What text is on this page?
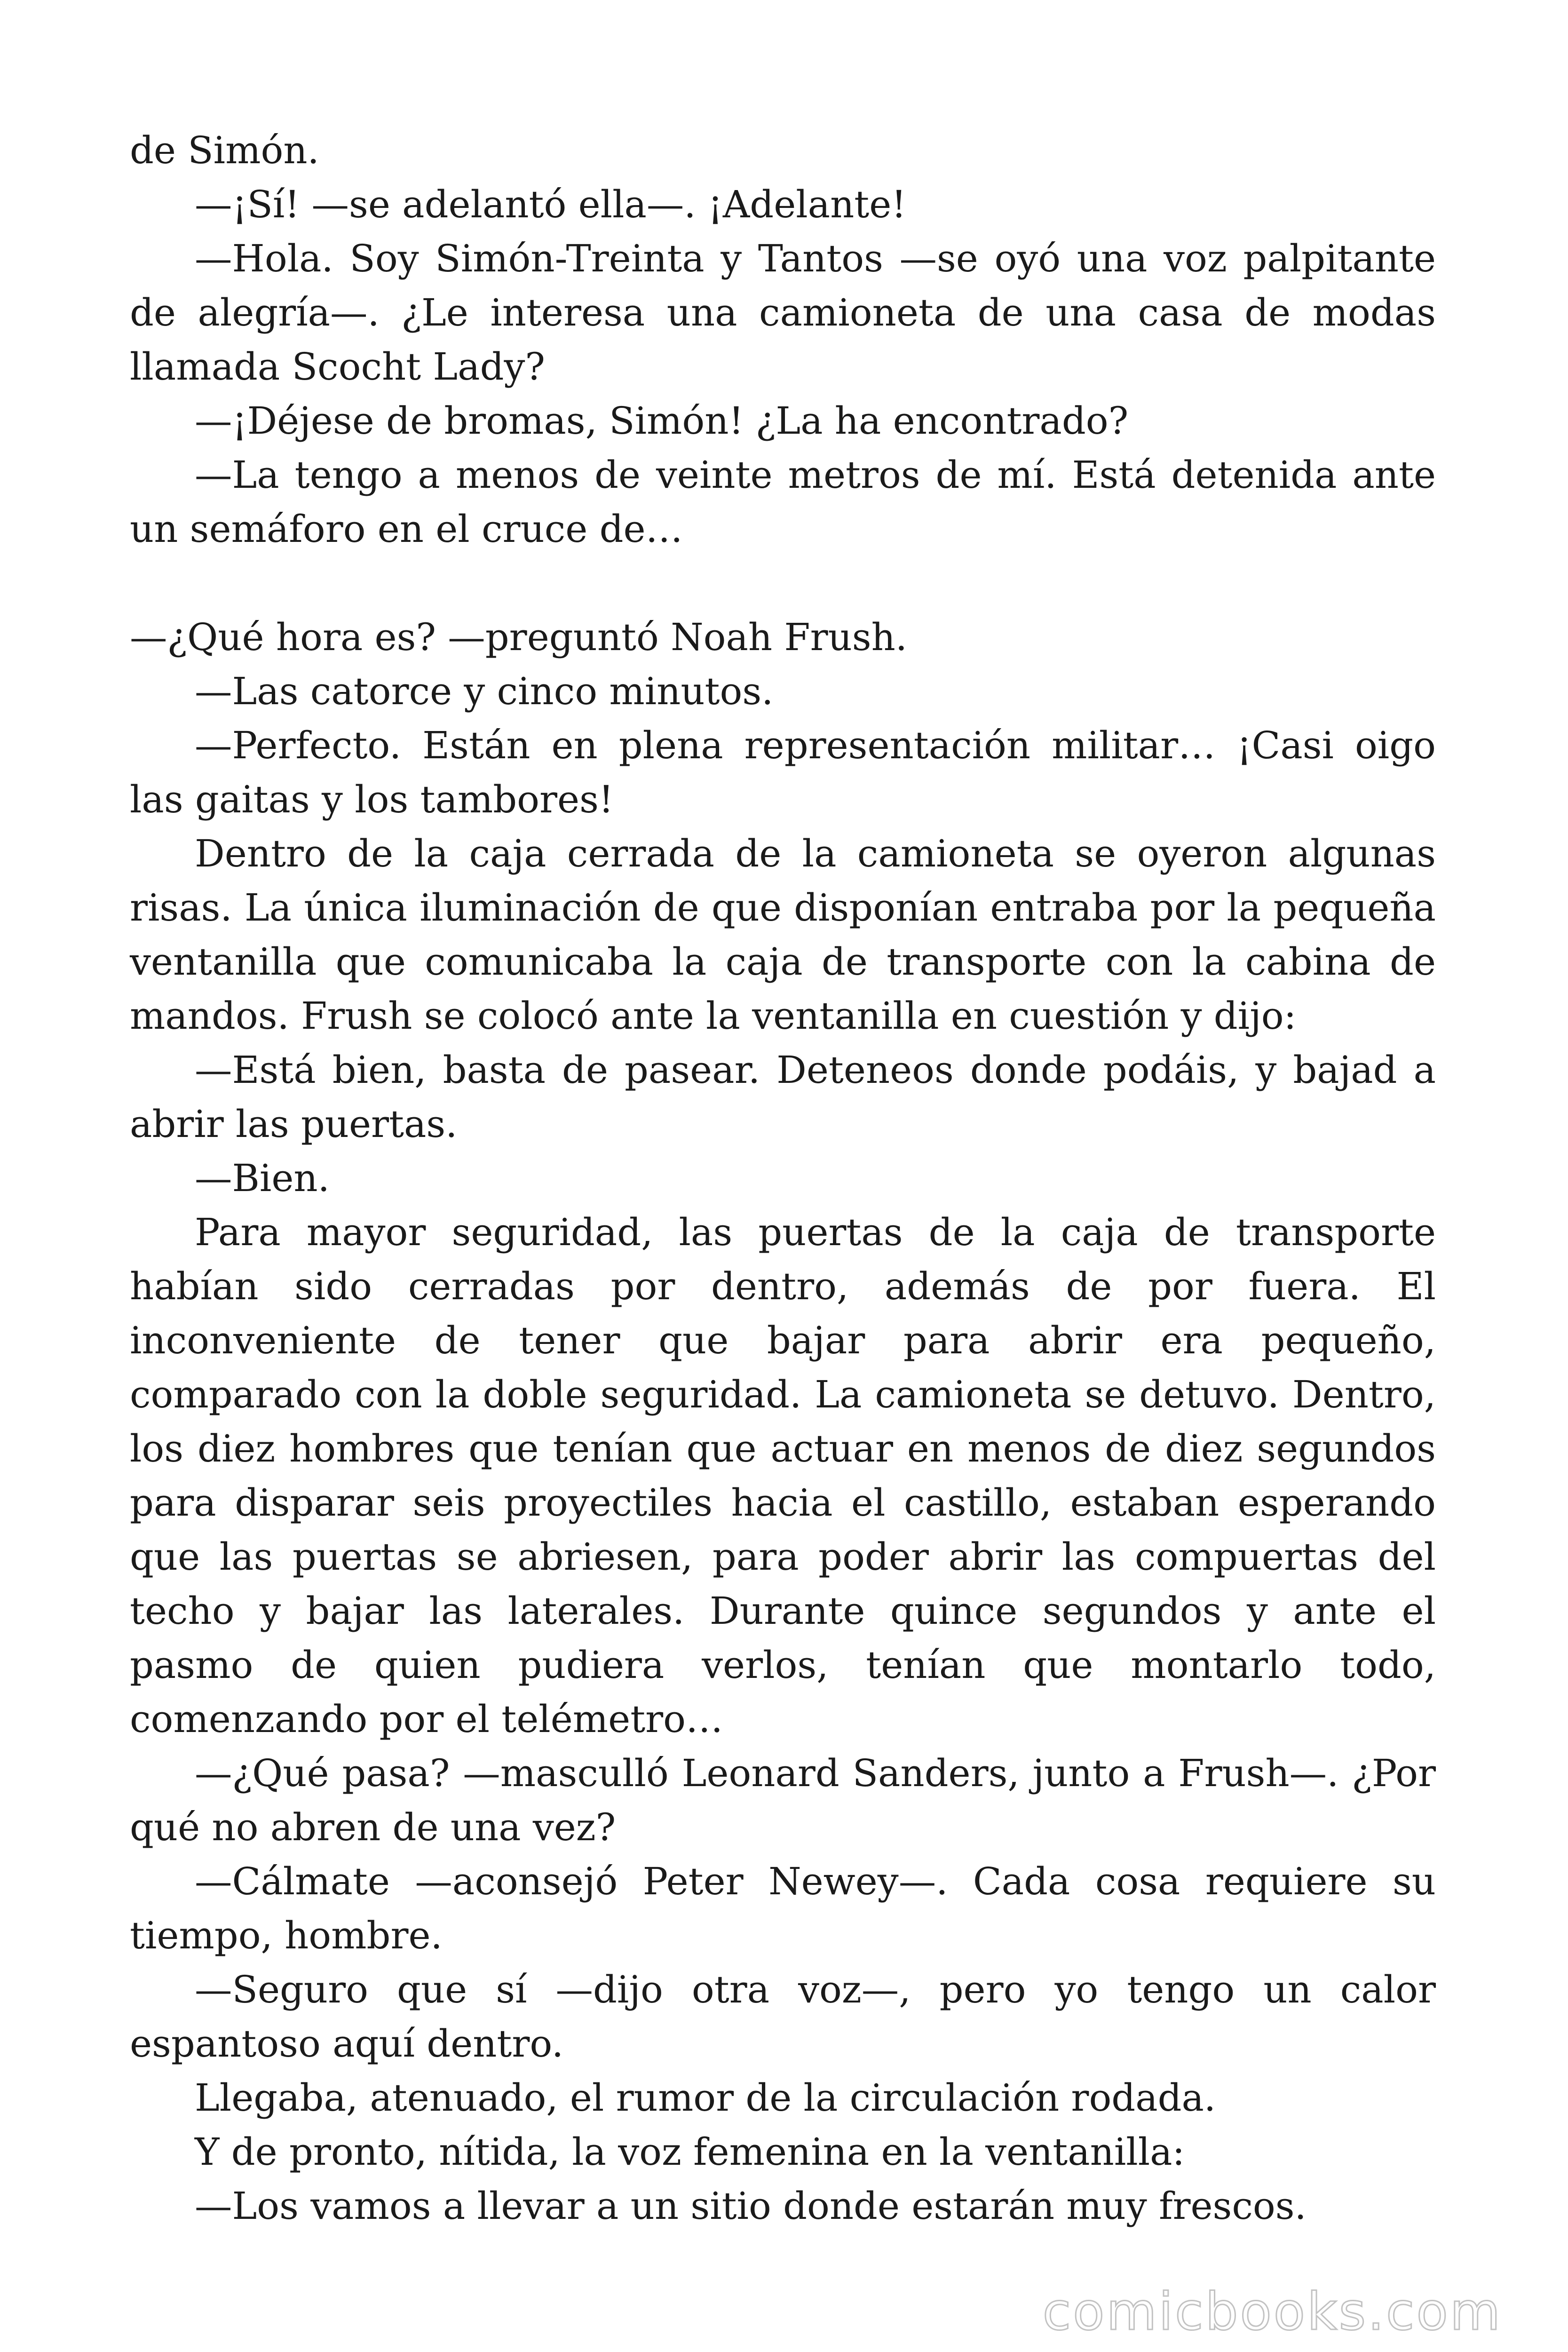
de Simón.

—¡Sí! —se adelantó ella—. ¡Adelante!

—Hola. Soy Simón-Treinta y Tantos —se oyó una voz palpitante de alegría—. ¿Le interesa una camioneta de una casa de modas llamada Scocht Lady?

—¡Déjese de bromas, Simón! ¿La ha encontrado?

—La tengo a menos de veinte metros de mí. Está detenida ante un semáforo en el cruce de…

—¿Qué hora es? —preguntó Noah Frush.

—Las catorce y cinco minutos.

—Perfecto. Están en plena representación militar… ¡Casi oigo las gaitas y los tambores!

Dentro de la caja cerrada de la camioneta se oyeron algunas risas. La única iluminación de que disponían entraba por la pequeña ventanilla que comunicaba la caja de transporte con la cabina de mandos. Frush se colocó ante la ventanilla en cuestión y dijo:

—Está bien, basta de pasear. Deteneos donde podáis, y bajad a abrir las puertas.

—Bien.

Para mayor seguridad, las puertas de la caja de transporte habían sido cerradas por dentro, además de por fuera. El inconveniente de tener que bajar para abrir era pequeño, comparado con la doble seguridad. La camioneta se detuvo. Dentro, los diez hombres que tenían que actuar en menos de diez segundos para disparar seis proyectiles hacia el castillo, estaban esperando que las puertas se abriesen, para poder abrir las compuertas del techo y bajar las laterales. Durante quince segundos y ante el pasmo de quien pudiera verlos, tenían que montarlo todo, comenzando por el telémetro…

—¿Qué pasa? —masculló Leonard Sanders, junto a Frush—. ¿Por qué no abren de una vez?

—Cálmate —aconsejó Peter Newey—. Cada cosa requiere su tiempo, hombre.

—Seguro que sí —dijo otra voz—, pero yo tengo un calor espantoso aquí dentro.

Llegaba, atenuado, el rumor de la circulación rodada.

Y de pronto, nítida, la voz femenina en la ventanilla:

—Los vamos a llevar a un sitio donde estarán muy frescos.

comicbooks.com
